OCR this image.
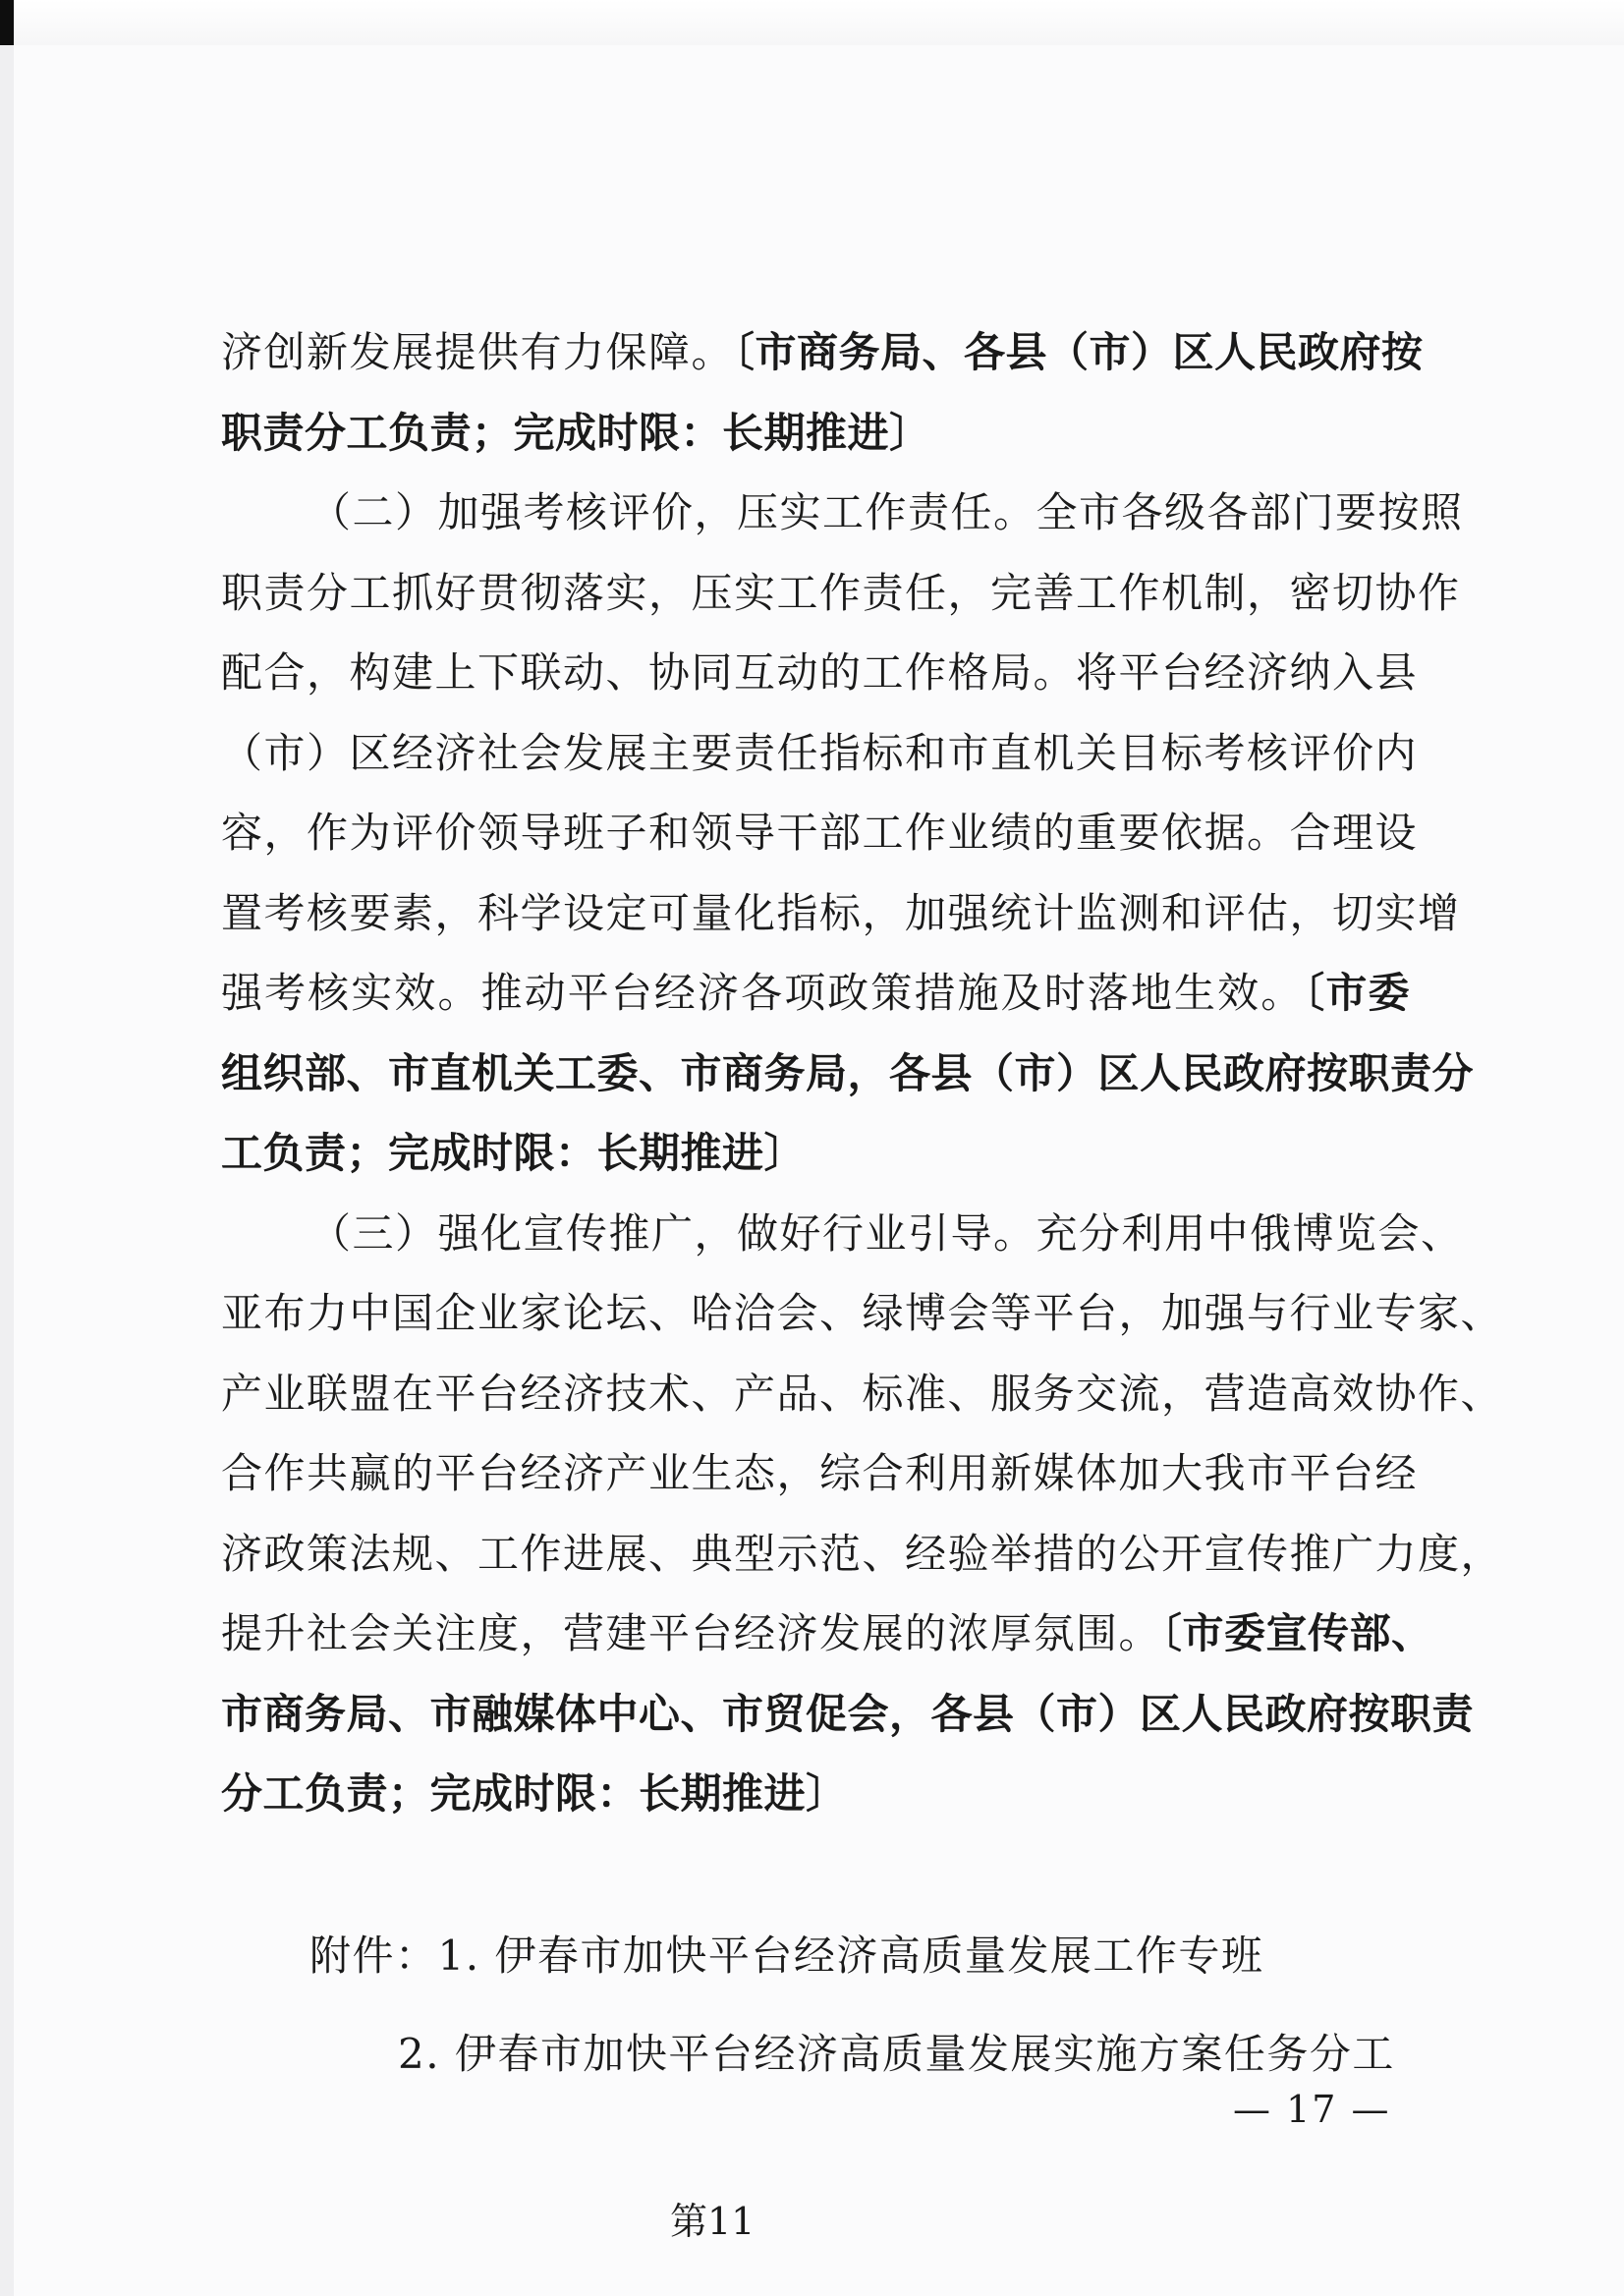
济创新发展提供有力保障。〔市商务局、各县（市）区人民政府按
职责分工负责；完成时限：长期推进〕
（二）加强考核评价，压实工作责任。全市各级各部门要按照
职责分工抓好贯彻落实，压实工作责任，完善工作机制，密切协作
配合，构建上下联动、协同互动的工作格局。将平台经济纳入县
（市）区经济社会发展主要责任指标和市直机关目标考核评价内
容，作为评价领导班子和领导干部工作业绩的重要依据。合理设
置考核要素，科学设定可量化指标，加强统计监测和评估，切实增
强考核实效。推动平台经济各项政策措施及时落地生效。〔市委
组织部、市直机关工委、市商务局，各县（市）区人民政府按职责分
工负责；完成时限：长期推进〕
（三）强化宣传推广，做好行业引导。充分利用中俄博览会、
亚布力中国企业家论坛、哈洽会、绿博会等平台，加强与行业专家、
产业联盟在平台经济技术、产品、标准、服务交流，营造高效协作、
合作共赢的平台经济产业生态，综合利用新媒体加大我市平台经
济政策法规、工作进展、典型示范、经验举措的公开宣传推广力度，
提升社会关注度，营建平台经济发展的浓厚氛围。〔市委宣传部、
市商务局、市融媒体中心、市贸促会，各县（市）区人民政府按职责
分工负责；完成时限：长期推进〕
附件：1. 伊春市加快平台经济高质量发展工作专班
2. 伊春市加快平台经济高质量发展实施方案任务分工
— 17 —
第11
